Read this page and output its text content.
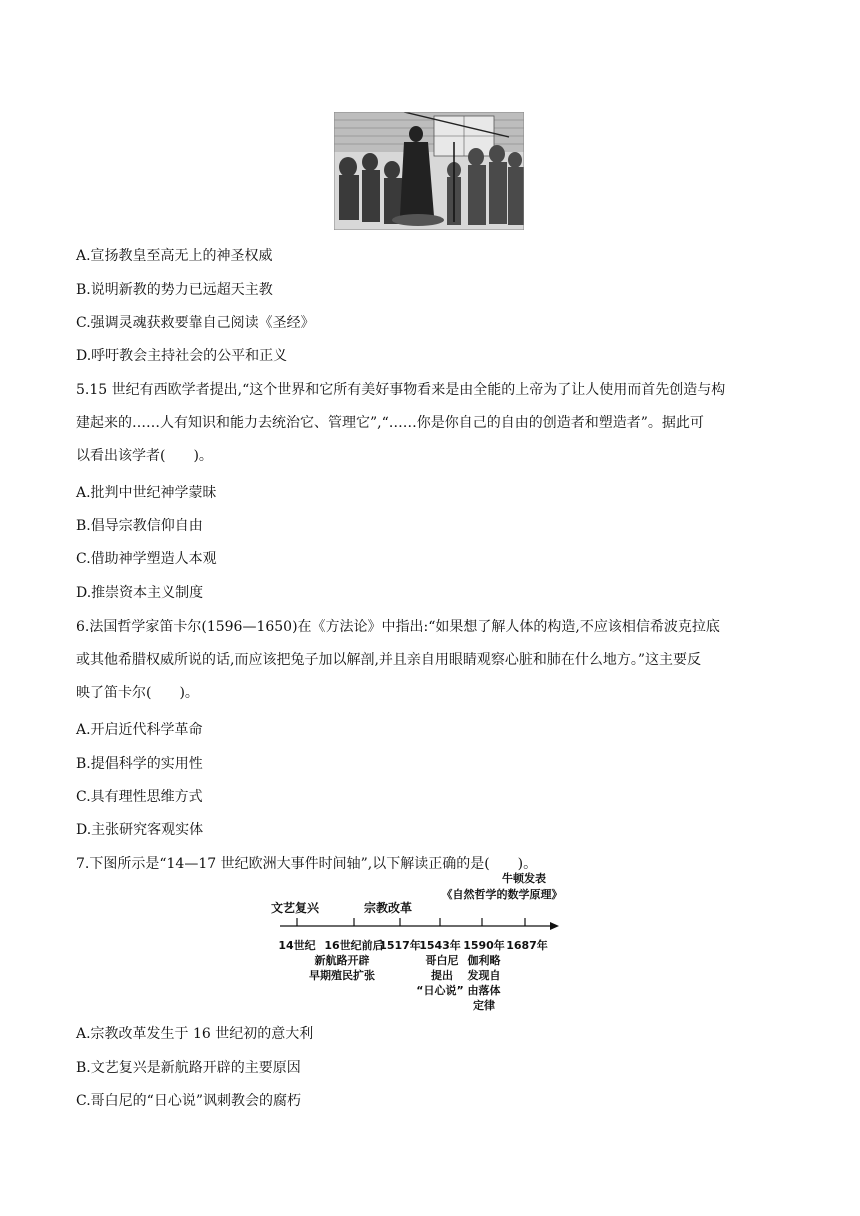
A.宣扬教皇至高无上的神圣权威
B.说明新教的势力已远超天主教
C.强调灵魂获救要靠自己阅读《圣经》
D.呼吁教会主持社会的公平和正义
5.15 世纪有西欧学者提出,“这个世界和它所有美好事物看来是由全能的上帝为了让人使用而首先创造与构
建起来的……人有知识和能力去统治它、管理它”,“……你是你自己的自由的创造者和塑造者”。据此可
以看出该学者(　　)。
A.批判中世纪神学蒙昧
B.倡导宗教信仰自由
C.借助神学塑造人本观
D.推崇资本主义制度
6.法国哲学家笛卡尔(1596—1650)在《方法论》中指出:“如果想了解人体的构造,不应该相信希波克拉底
或其他希腊权威所说的话,而应该把兔子加以解剖,并且亲自用眼睛观察心脏和肺在什么地方。”这主要反
映了笛卡尔(　　)。
A.开启近代科学革命
B.提倡科学的实用性
C.具有理性思维方式
D.主张研究客观实体
7.下图所示是“14—17 世纪欧洲大事件时间轴”,以下解读正确的是(　　)。
文艺复兴	宗教改革
牛顿发表
《自然哲学的数学原理》
14世纪 16世纪前后
1517年
1543年 1590年 1687年
新航路开辟
早期殖民扩张
哥白尼
提出
“日心说”
伽利略
发现自
由落体
定律
A.宗教改革发生于 16 世纪初的意大利
B.文艺复兴是新航路开辟的主要原因
C.哥白尼的“日心说”讽刺教会的腐朽
